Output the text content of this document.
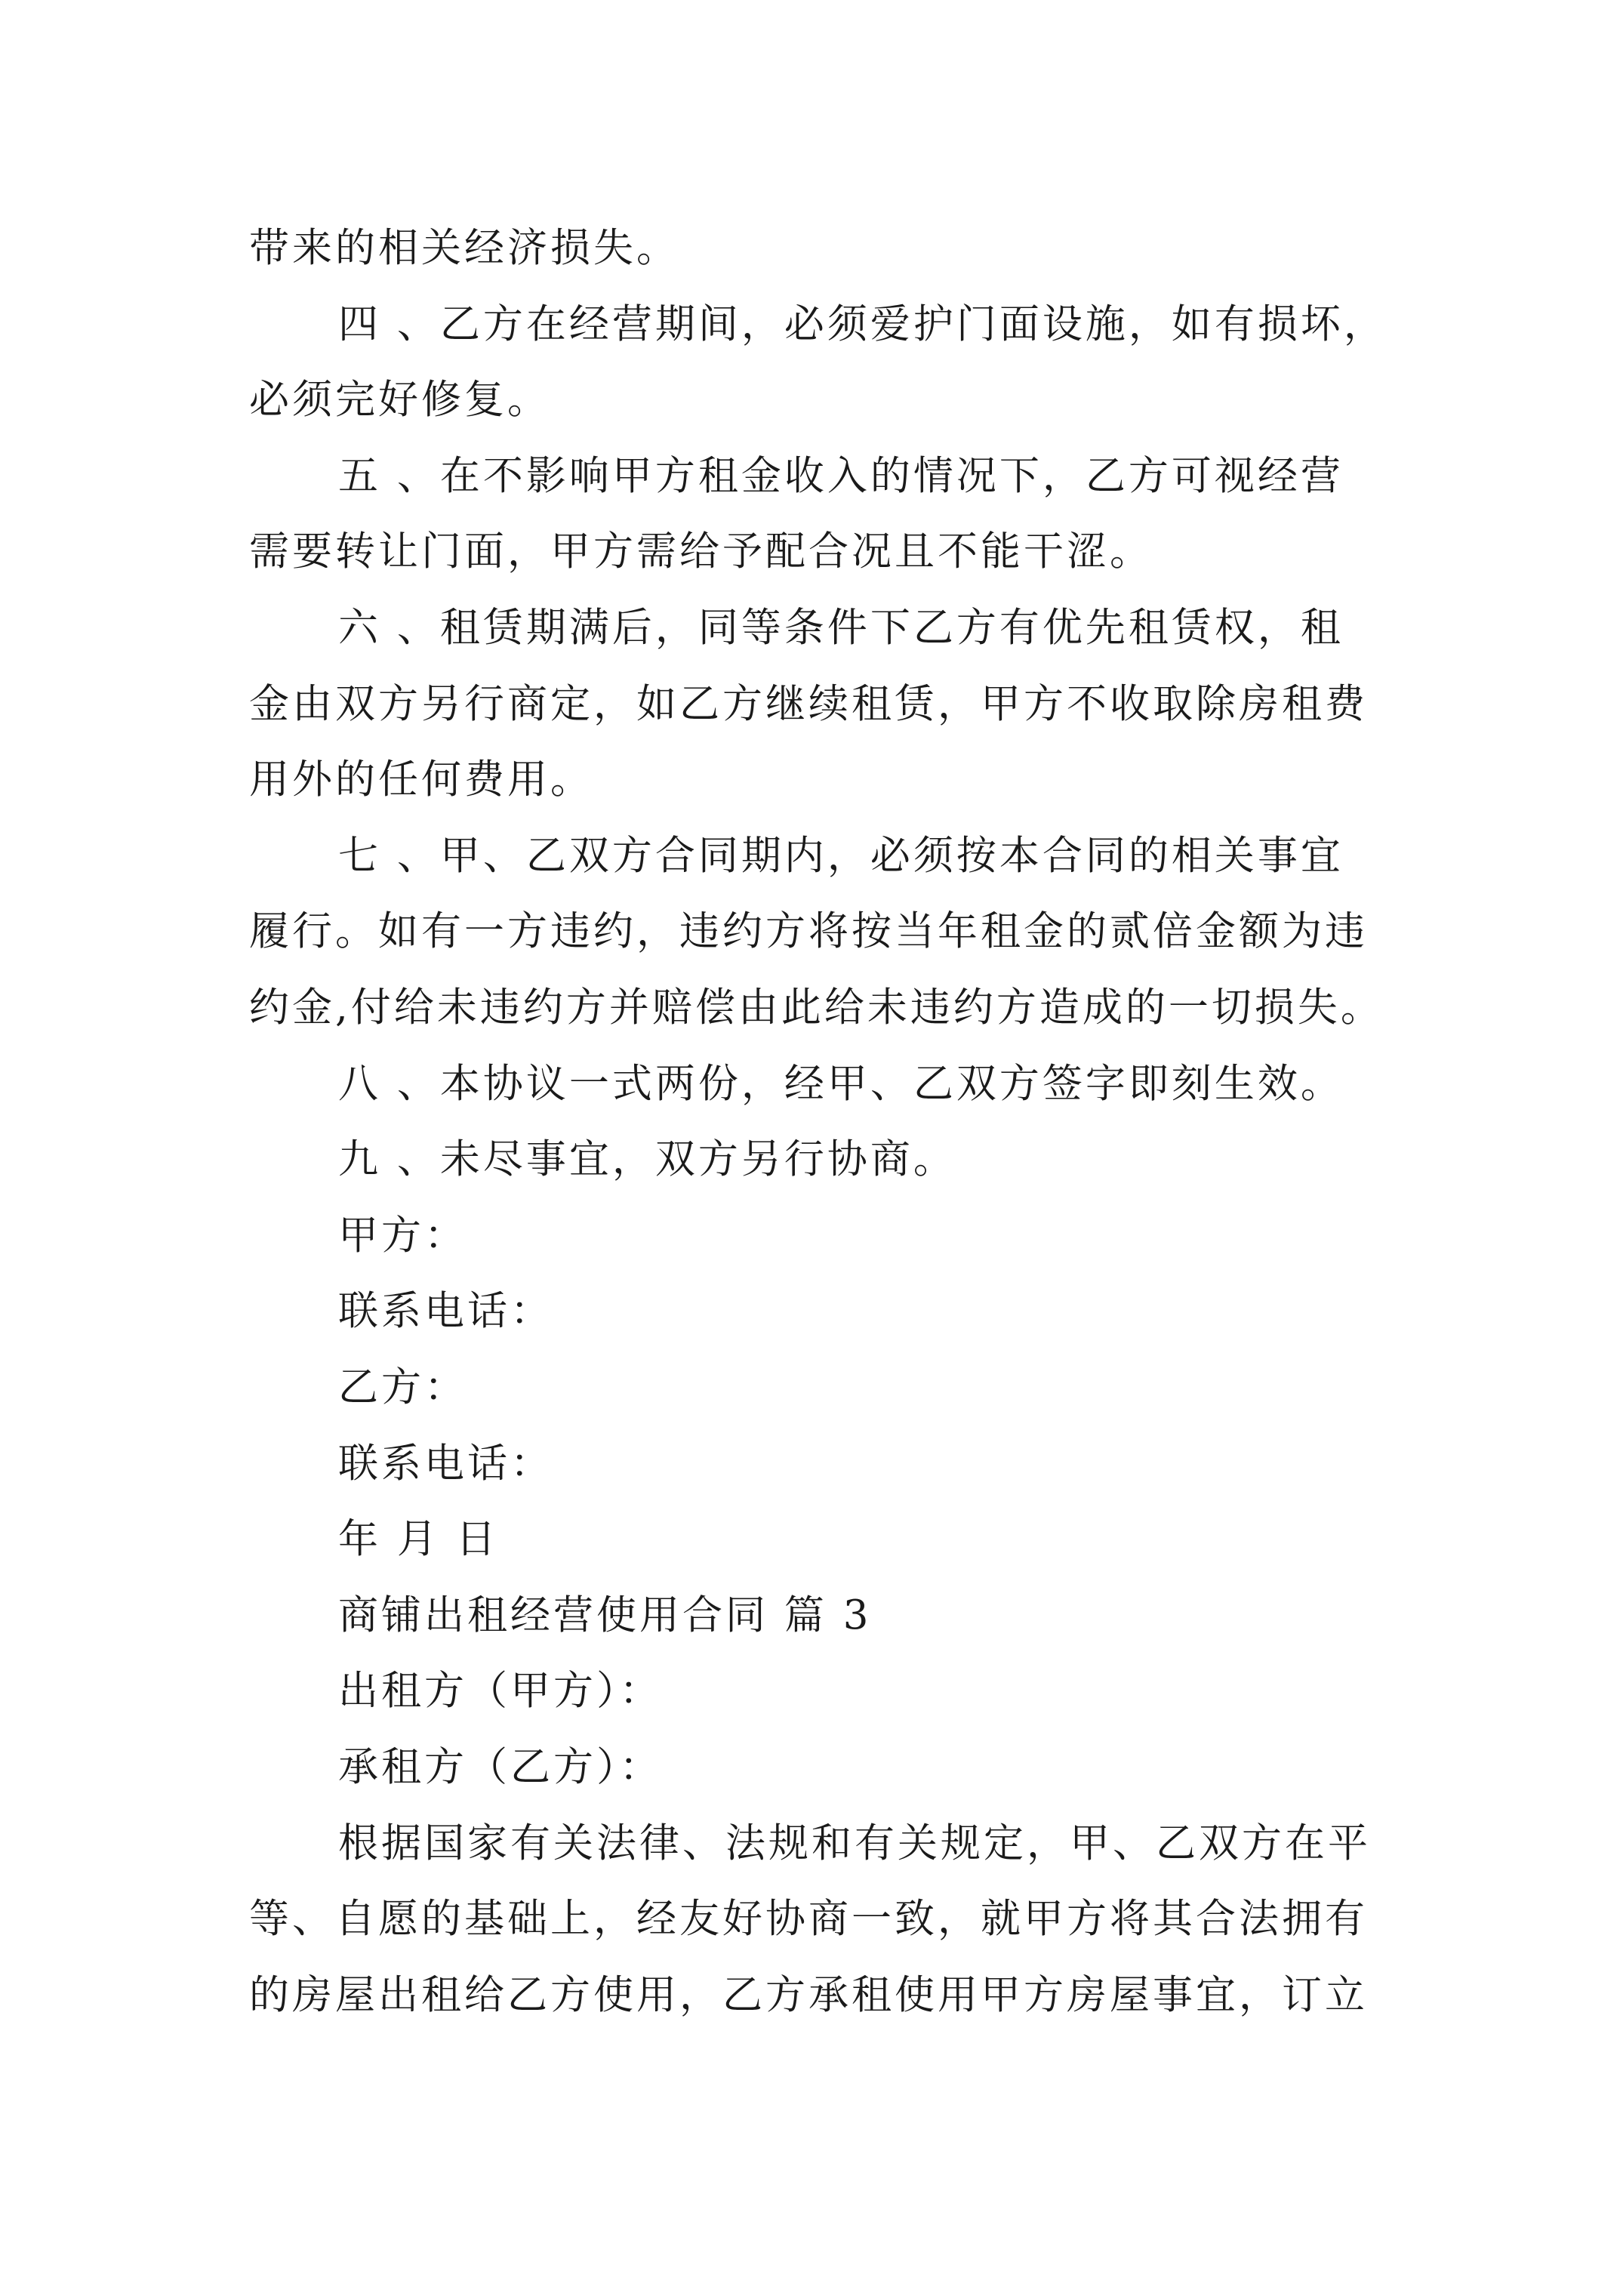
带来的相关经济损失。
四 、乙方在经营期间，必须爱护门面设施，如有损坏，
必须完好修复。
五 、在不影响甲方租金收入的情况下，乙方可视经营
需要转让门面，甲方需给予配合况且不能干涩。
六 、租赁期满后，同等条件下乙方有优先租赁权，租
金由双方另行商定，如乙方继续租赁，甲方不收取除房租费
用外的任何费用。
七 、甲、乙双方合同期内，必须按本合同的相关事宜
履行。如有一方违约，违约方将按当年租金的贰倍金额为违
约金,付给未违约方并赔偿由此给未违约方造成的一切损失。
八 、本协议一式两份，经甲、乙双方签字即刻生效。
九 、未尽事宜，双方另行协商。
甲方：
联系电话：
乙方：
联系电话：
年 月 日
商铺出租经营使用合同 篇 3
出租方（甲方）：
承租方（乙方）：
根据国家有关法律、法规和有关规定，甲、乙双方在平
等、自愿的基础上，经友好协商一致，就甲方将其合法拥有
的房屋出租给乙方使用，乙方承租使用甲方房屋事宜，订立
